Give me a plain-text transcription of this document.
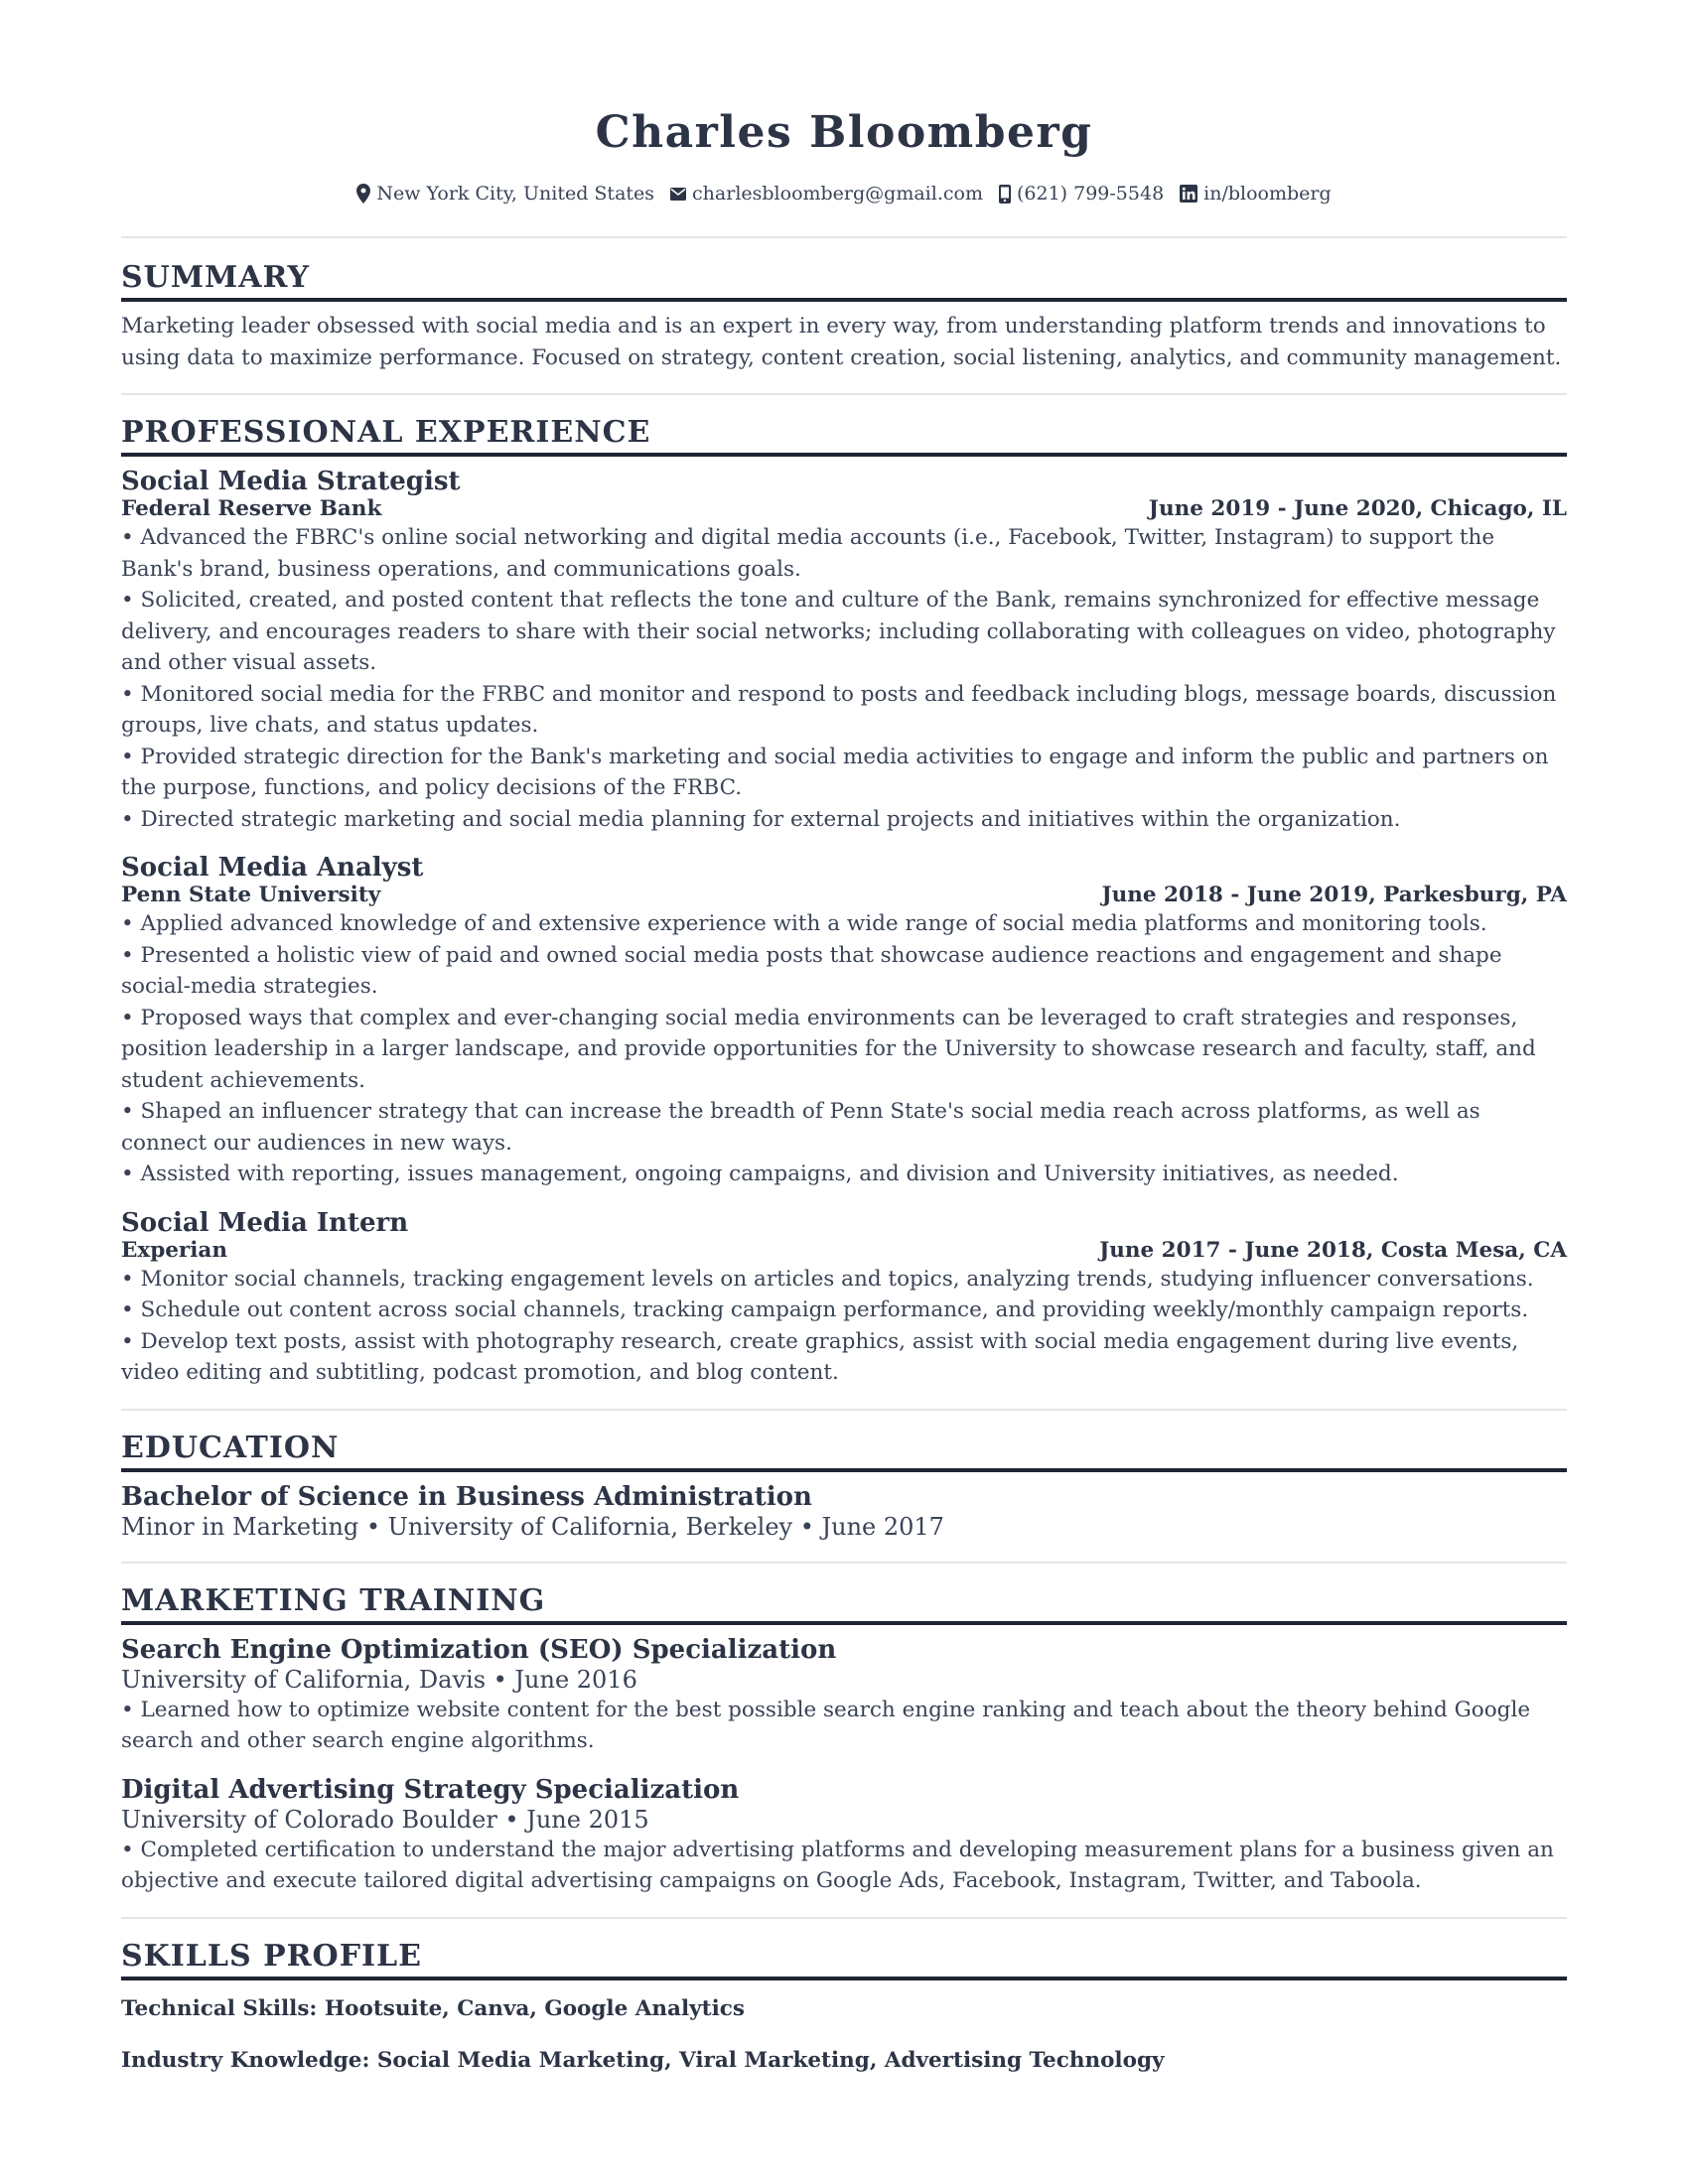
Charles Bloomberg
New York City, United States charlesbloomberg@gmail.com (621) 799-5548 in/bloomberg
SUMMARY

Marketing leader obsessed with social media and is an expert in every way, from understanding platform trends and innovations to using data to maximize performance. Focused on strategy, content creation, social listening, analytics, and community management.

PROFESSIONAL EXPERIENCE
Social Media Strategist
Federal Reserve Bank	June 2019 - June 2020, Chicago, IL

• Advanced the FBRC's online social networking and digital media accounts (i.e., Facebook, Twitter, Instagram) to support the Bank's brand, business operations, and communications goals.

• Solicited, created, and posted content that reflects the tone and culture of the Bank, remains synchronized for effective message delivery, and encourages readers to share with their social networks; including collaborating with colleagues on video, photography and other visual assets.

• Monitored social media for the FRBC and monitor and respond to posts and feedback including blogs, message boards, discussion groups, live chats, and status updates.

• Provided strategic direction for the Bank's marketing and social media activities to engage and inform the public and partners on the purpose, functions, and policy decisions of the FRBC.

• Directed strategic marketing and social media planning for external projects and initiatives within the organization.

Social Media Analyst
Penn State University	June 2018 - June 2019, Parkesburg, PA

• Applied advanced knowledge of and extensive experience with a wide range of social media platforms and monitoring tools.

• Presented a holistic view of paid and owned social media posts that showcase audience reactions and engagement and shape social-media strategies.

• Proposed ways that complex and ever-changing social media environments can be leveraged to craft strategies and responses, position leadership in a larger landscape, and provide opportunities for the University to showcase research and faculty, staff, and student achievements.

• Shaped an influencer strategy that can increase the breadth of Penn State's social media reach across platforms, as well as connect our audiences in new ways.

• Assisted with reporting, issues management, ongoing campaigns, and division and University initiatives, as needed.

Social Media Intern
Experian	June 2017 - June 2018, Costa Mesa, CA

• Monitor social channels, tracking engagement levels on articles and topics, analyzing trends, studying influencer conversations.

• Schedule out content across social channels, tracking campaign performance, and providing weekly/monthly campaign reports.

• Develop text posts, assist with photography research, create graphics, assist with social media engagement during live events, video editing and subtitling, podcast promotion, and blog content.

EDUCATION
Bachelor of Science in Business Administration
Minor in Marketing • University of California, Berkeley • June 2017
MARKETING TRAINING
Search Engine Optimization (SEO) Specialization
University of California, Davis • June 2016

• Learned how to optimize website content for the best possible search engine ranking and teach about the theory behind Google search and other search engine algorithms.

Digital Advertising Strategy Specialization
University of Colorado Boulder • June 2015

• Completed certification to understand the major advertising platforms and developing measurement plans for a business given an objective and execute tailored digital advertising campaigns on Google Ads, Facebook, Instagram, Twitter, and Taboola.

SKILLS PROFILE
Technical Skills: Hootsuite, Canva, Google Analytics
Industry Knowledge: Social Media Marketing, Viral Marketing, Advertising Technology
